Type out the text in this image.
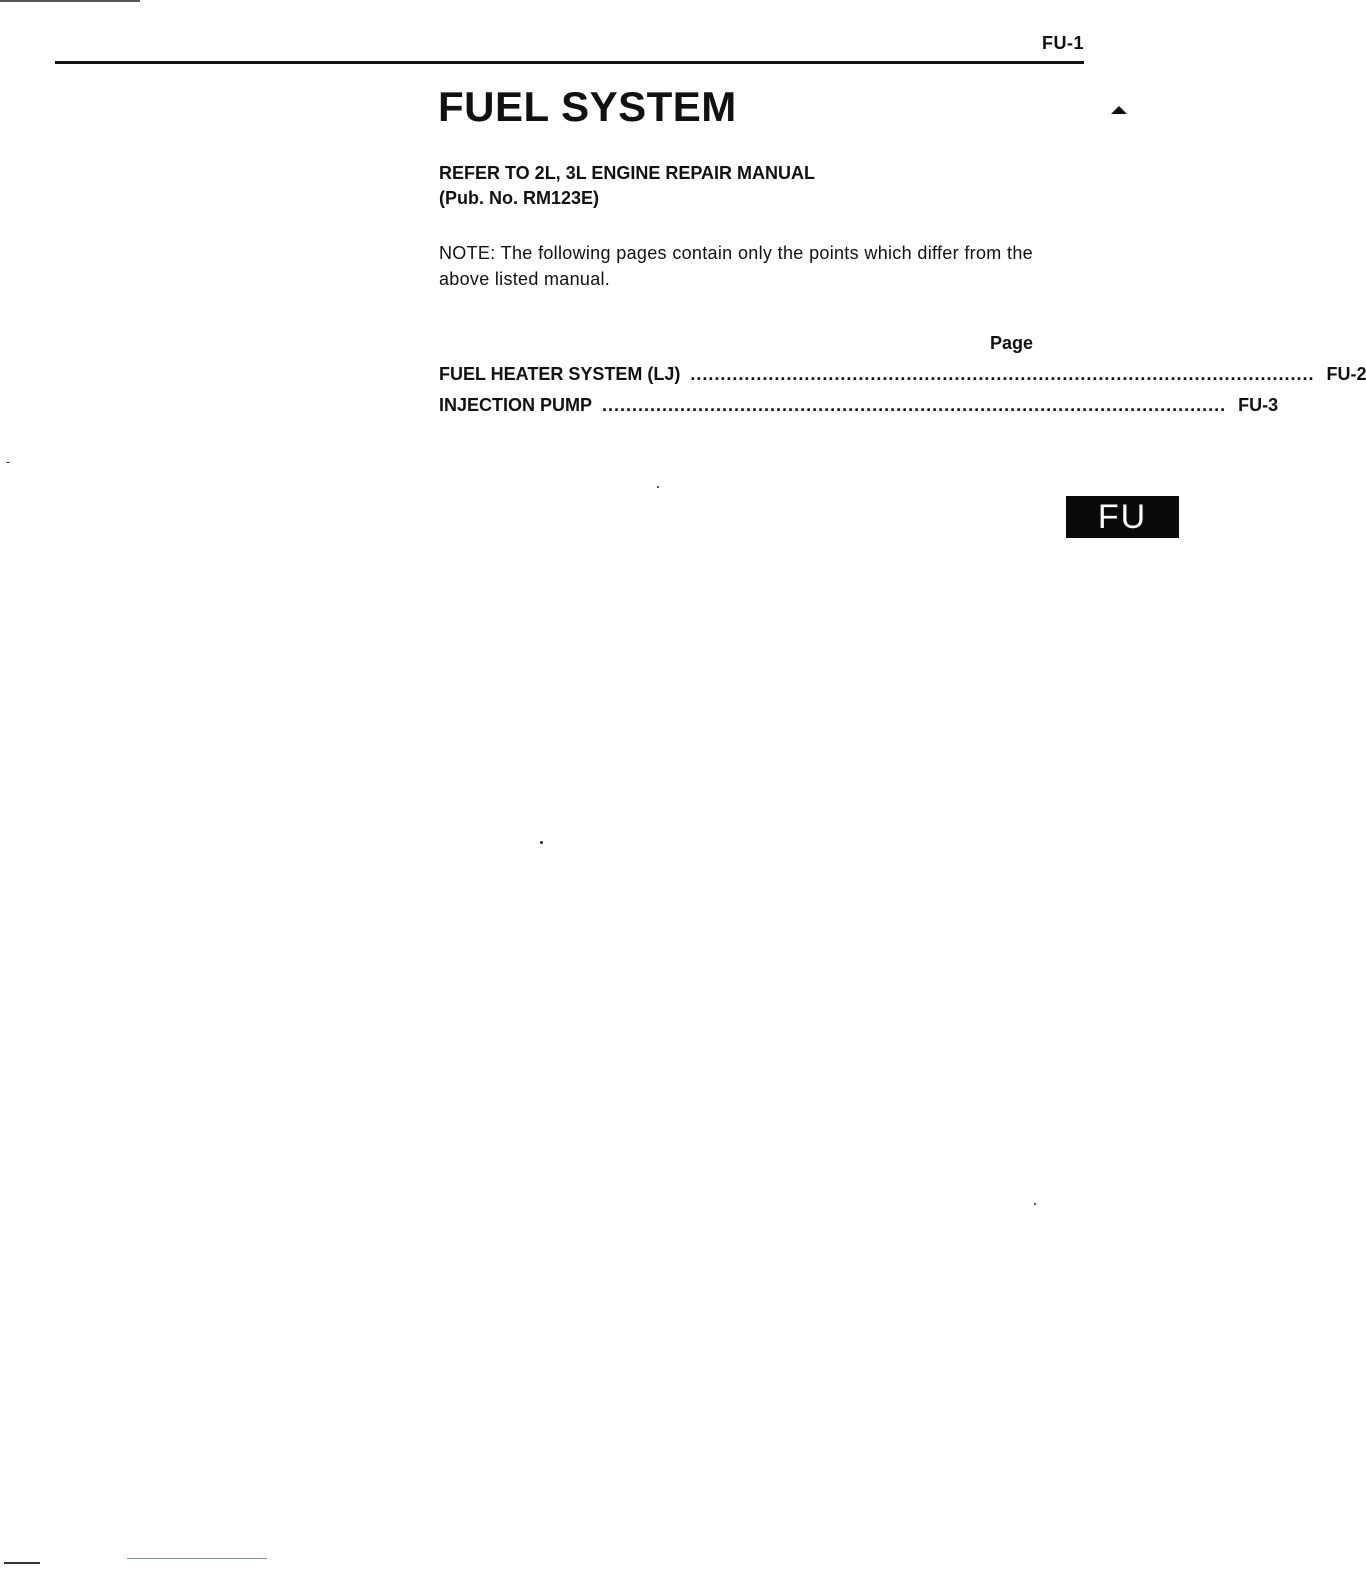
FU-1
FUEL SYSTEM
REFER TO 2L, 3L ENGINE REPAIR MANUAL
(Pub. No. RM123E)
NOTE: The following pages contain only the points which differ from the above listed manual.
Page
FUEL HEATER SYSTEM (LJ) ........................................................................................................ FU-2
INJECTION PUMP ........................................................................................................ FU-3
FU
